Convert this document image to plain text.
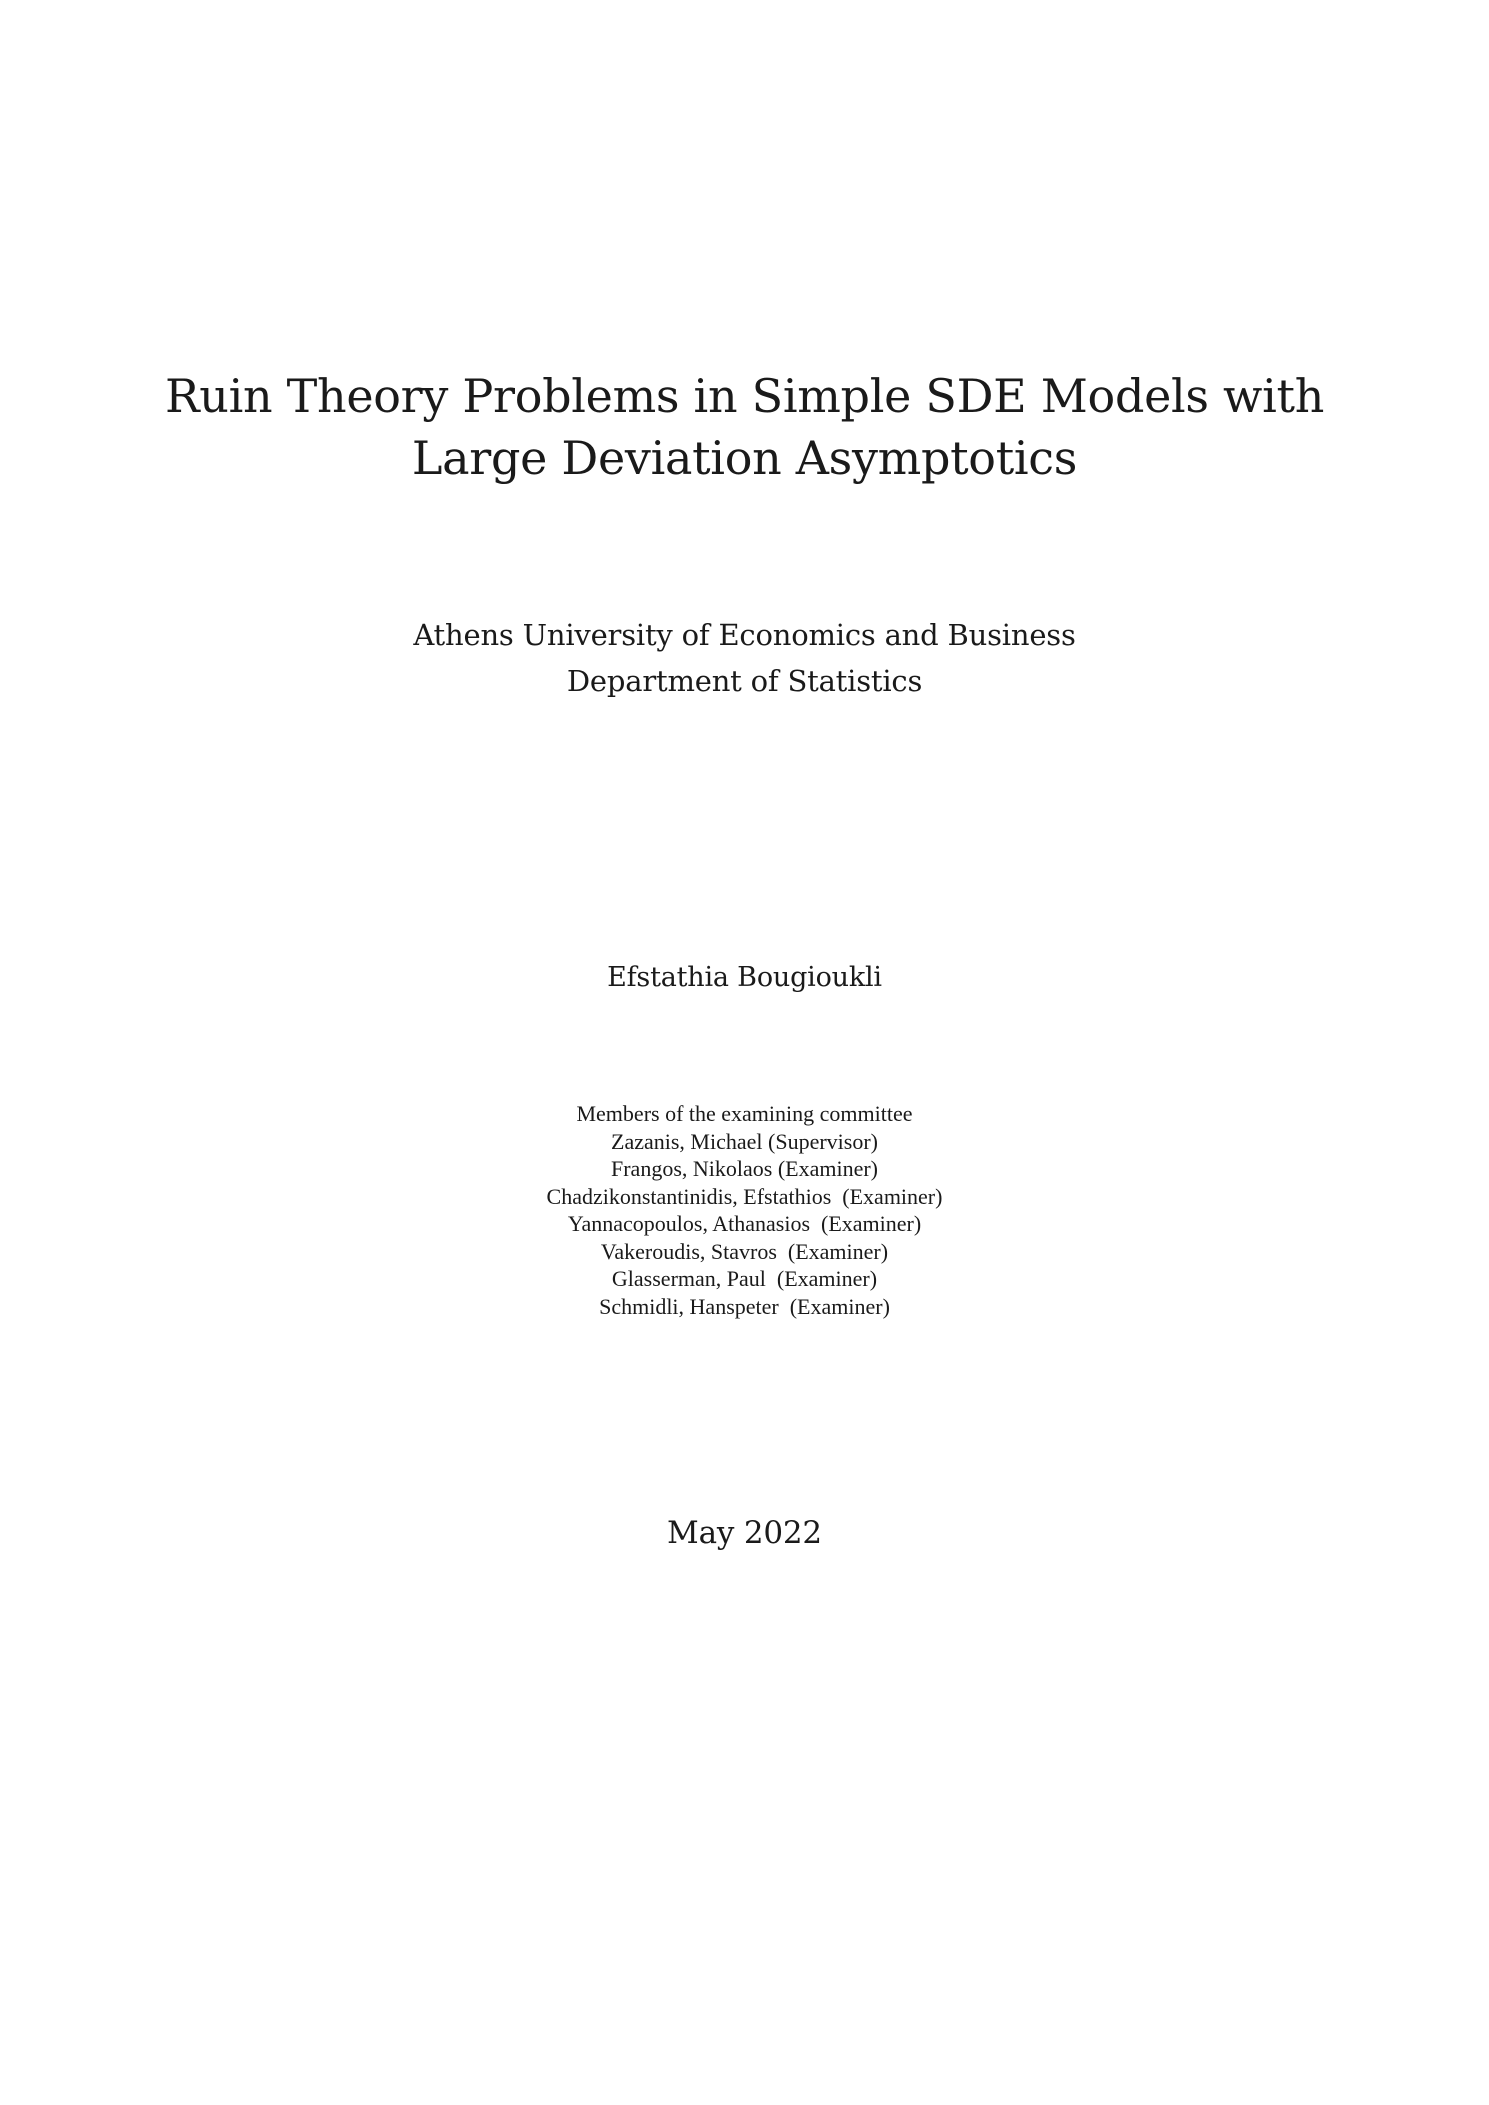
Ruin Theory Problems in Simple SDE Models with
Large Deviation Asymptotics
Athens University of Economics and Business
Department of Statistics
Efstathia Bougioukli
Members of the examining committee
Zazanis, Michael (Supervisor)
Frangos, Nikolaos (Examiner)
Chadzikonstantinidis, Efstathios  (Examiner)
Yannacopoulos, Athanasios  (Examiner)
Vakeroudis, Stavros  (Examiner)
Glasserman, Paul  (Examiner)
Schmidli, Hanspeter  (Examiner)
May 2022
